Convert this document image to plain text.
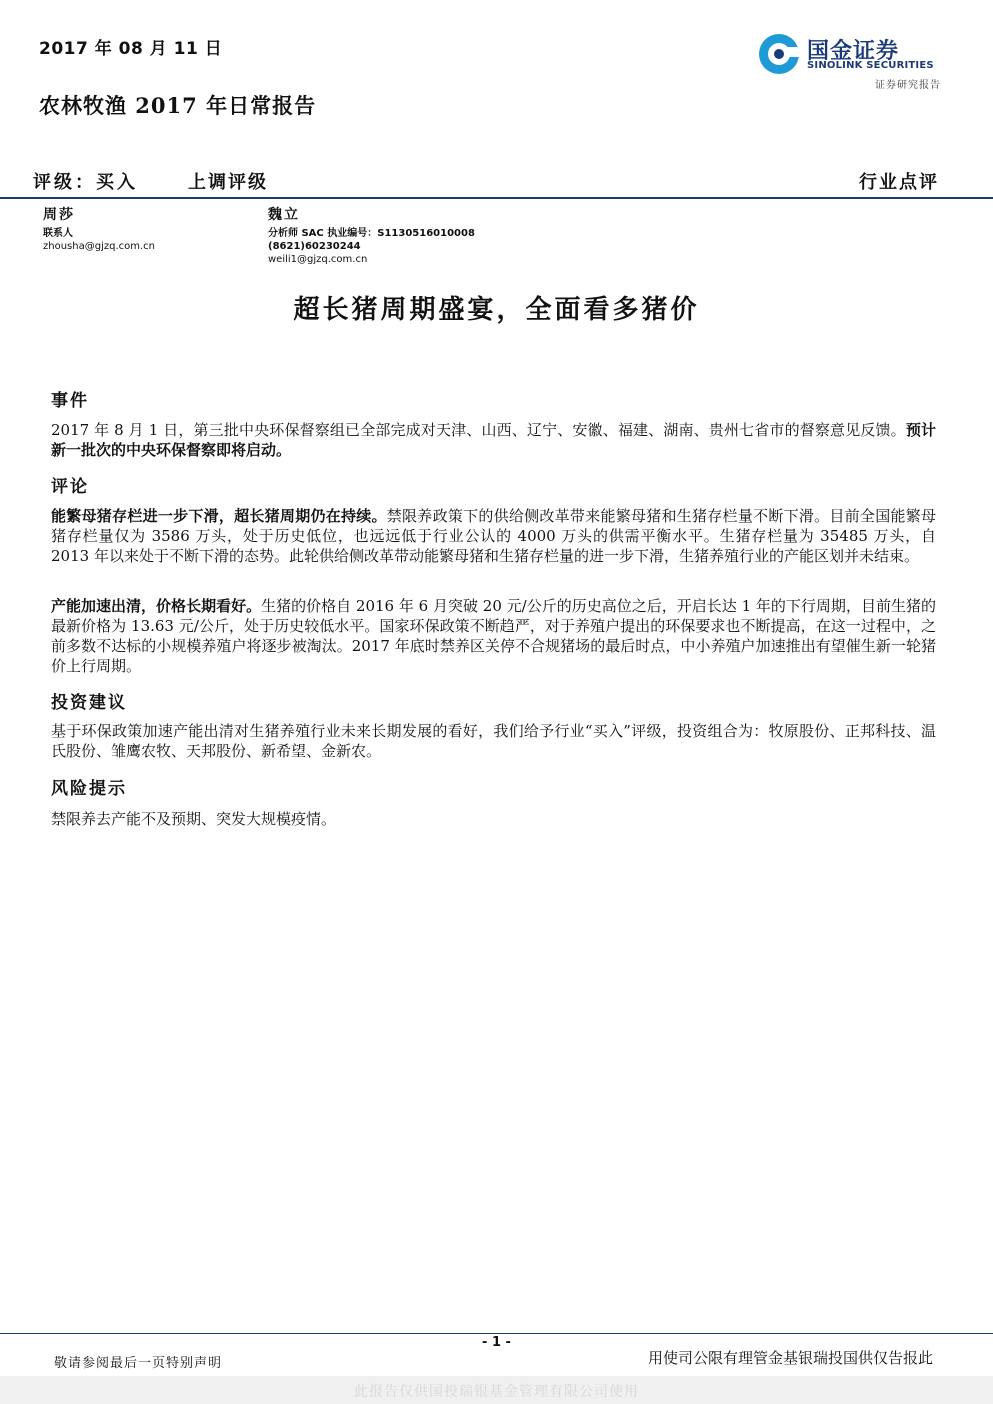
2017 年 08 月 11 日
农林牧渔 2017 年日常报告
国金证券
SINOLINK SECURITIES
证券研究报告
评级：买入	上调评级	行业点评
周莎
联系人
zhousha@gjzq.com.cn
魏立
分析师 SAC 执业编号：S1130516010008
(8621)60230244
weili1@gjzq.com.cn
超长猪周期盛宴，全面看多猪价
事件
2017 年 8 月 1 日，第三批中央环保督察组已全部完成对天津、山西、辽宁、安徽、福建、湖南、贵州七省市的督察意见反馈。预计新一批次的中央环保督察即将启动。
评论
能繁母猪存栏进一步下滑，超长猪周期仍在持续。禁限养政策下的供给侧改革带来能繁母猪和生猪存栏量不断下滑。目前全国能繁母猪存栏量仅为 3586 万头，处于历史低位，也远远低于行业公认的 4000 万头的供需平衡水平。生猪存栏量为 35485 万头，自 2013 年以来处于不断下滑的态势。此轮供给侧改革带动能繁母猪和生猪存栏量的进一步下滑，生猪养殖行业的产能区划并未结束。
产能加速出清，价格长期看好。生猪的价格自 2016 年 6 月突破 20 元/公斤的历史高位之后，开启长达 1 年的下行周期，目前生猪的最新价格为 13.63 元/公斤，处于历史较低水平。国家环保政策不断趋严，对于养殖户提出的环保要求也不断提高，在这一过程中，之前多数不达标的小规模养殖户将逐步被淘汰。2017 年底时禁养区关停不合规猪场的最后时点，中小养殖户加速推出有望催生新一轮猪价上行周期。
投资建议
基于环保政策加速产能出清对生猪养殖行业未来长期发展的看好，我们给予行业“买入”评级，投资组合为：牧原股份、正邦科技、温氏股份、雏鹰农牧、天邦股份、新希望、金新农。
风险提示
禁限养去产能不及预期、突发大规模疫情。
- 1 -
敬请参阅最后一页特别声明	用使司公限有理管金基银瑞投国供仅告报此
此报告仅供国投瑞银基金管理有限公司使用
